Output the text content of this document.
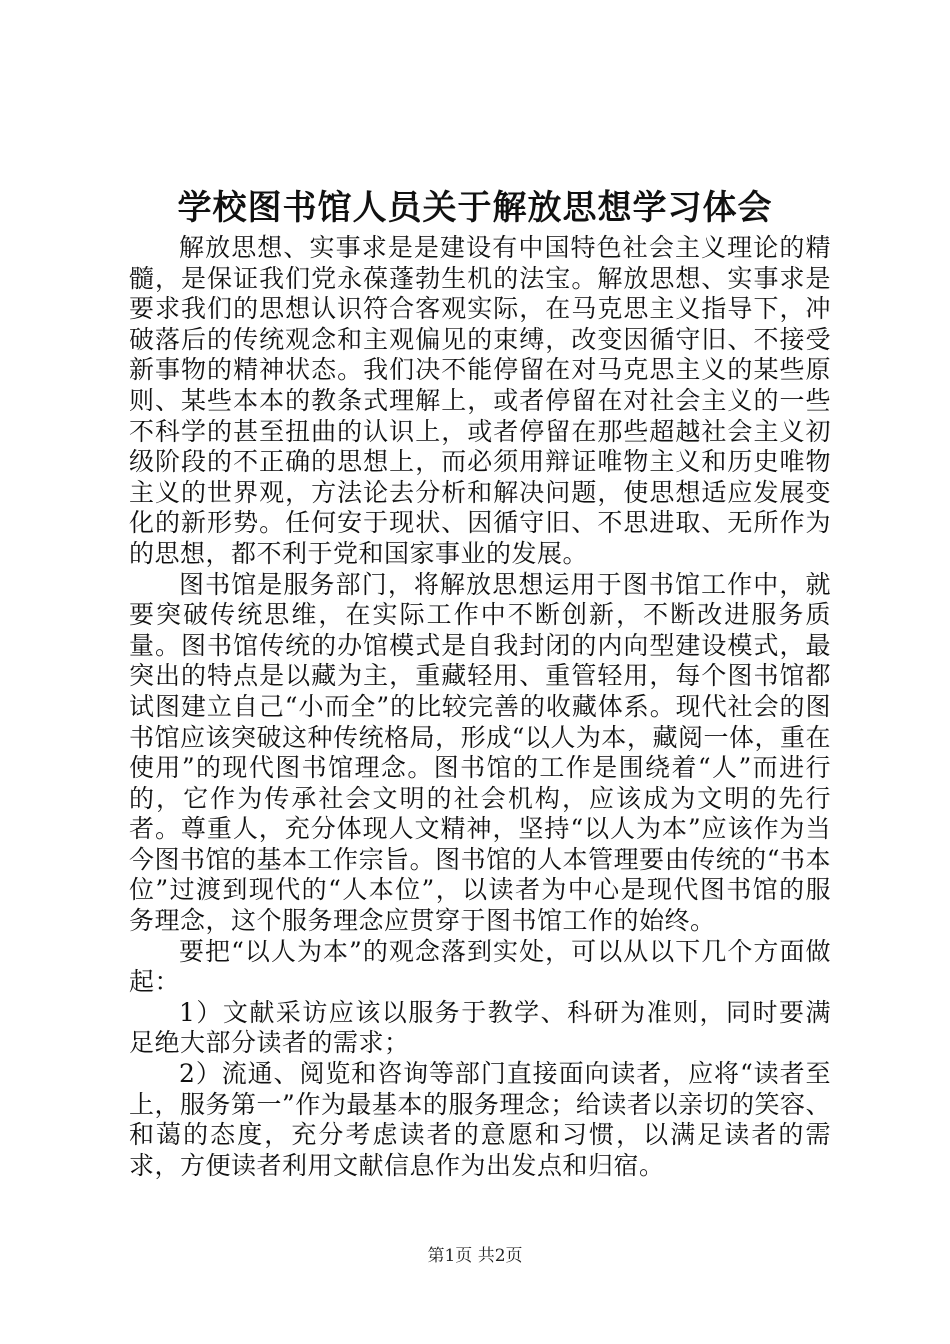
学校图书馆人员关于解放思想学习体会

解放思想、实事求是是建设有中国特色社会主义理论的精髓，是保证我们党永葆蓬勃生机的法宝。解放思想、实事求是要求我们的思想认识符合客观实际，在马克思主义指导下，冲破落后的传统观念和主观偏见的束缚，改变因循守旧、不接受新事物的精神状态。我们决不能停留在对马克思主义的某些原则、某些本本的教条式理解上，或者停留在对社会主义的一些不科学的甚至扭曲的认识上，或者停留在那些超越社会主义初级阶段的不正确的思想上，而必须用辩证唯物主义和历史唯物主义的世界观，方法论去分析和解决问题，使思想适应发展变化的新形势。任何安于现状、因循守旧、不思进取、无所作为的思想，都不利于党和国家事业的发展。

图书馆是服务部门，将解放思想运用于图书馆工作中，就要突破传统思维，在实际工作中不断创新，不断改进服务质量。图书馆传统的办馆模式是自我封闭的内向型建设模式，最突出的特点是以藏为主，重藏轻用、重管轻用，每个图书馆都试图建立自己“小而全”的比较完善的收藏体系。现代社会的图书馆应该突破这种传统格局，形成“以人为本，藏阅一体，重在使用”的现代图书馆理念。图书馆的工作是围绕着“人”而进行的，它作为传承社会文明的社会机构，应该成为文明的先行者。尊重人，充分体现人文精神，坚持“以人为本”应该作为当今图书馆的基本工作宗旨。图书馆的人本管理要由传统的“书本位”过渡到现代的“人本位”，以读者为中心是现代图书馆的服务理念，这个服务理念应贯穿于图书馆工作的始终。

要把“以人为本”的观念落到实处，可以从以下几个方面做起：

1）文献采访应该以服务于教学、科研为准则，同时要满足绝大部分读者的需求；

2）流通、阅览和咨询等部门直接面向读者，应将“读者至上，服务第一”作为最基本的服务理念；给读者以亲切的笑容、和蔼的态度，充分考虑读者的意愿和习惯，以满足读者的需求，方便读者利用文献信息作为出发点和归宿。

第1页 共2页
